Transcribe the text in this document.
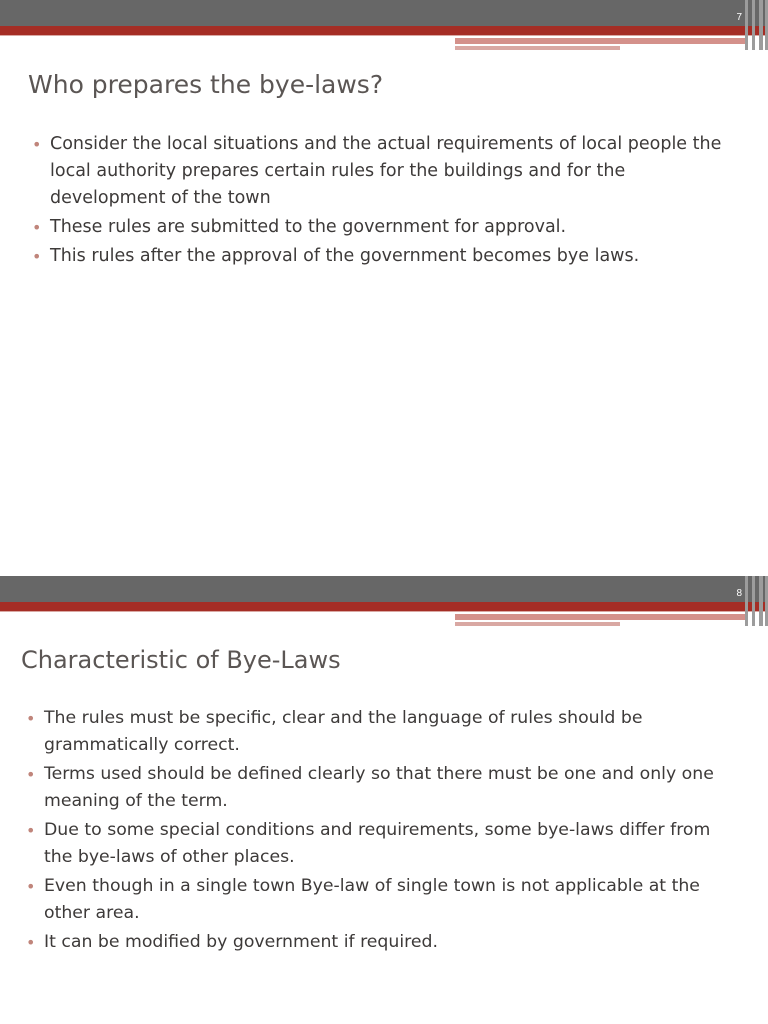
7
Who prepares the bye-laws?
• Consider the local situations and the actual requirements of local people the local authority prepares certain rules for the buildings and for the development of the town
• These rules are submitted to the government for approval.
• This rules after the approval of the government becomes bye laws.
8
Characteristic of Bye-Laws
• The rules must be specific, clear and the language of rules should be grammatically correct.
• Terms used should be defined clearly so that there must be one and only one meaning of the term.
• Due to some special conditions and requirements, some bye-laws differ from the bye-laws of other places.
• Even though in a single town Bye-law of single town is not applicable at the other area.
• It can be modified by government if required.
